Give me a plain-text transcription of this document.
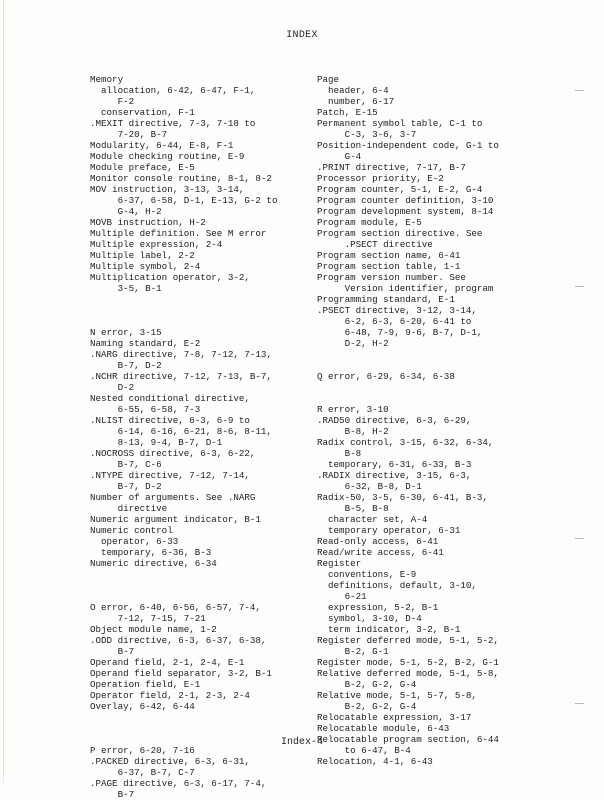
INDEX
Memory
allocation, 6-42, 6-47, F-1,
F-2
conservation, F-1
.MEXIT directive, 7-3, 7-18 to
7-20, B-7
Modularity, 6-44, E-8, F-1
Module checking routine, E-9
Module preface, E-5
Monitor console routine, 8-1, 8-2
MOV instruction, 3-13, 3-14,
6-37, 6-58, D-1, E-13, G-2 to
G-4, H-2
MOVB instruction, H-2
Multiple definition. See M error
Multiple expression, 2-4
Multiple label, 2-2
Multiple symbol, 2-4
Multiplication operator, 3-2,
3-5, B-1

N error, 3-15
Naming standard, E-2
.NARG directive, 7-8, 7-12, 7-13,
B-7, D-2
.NCHR directive, 7-12, 7-13, B-7,
D-2
Nested conditional directive,
6-55, 6-58, 7-3
.NLIST directive, 6-3, 6-9 to
6-14, 6-16, 6-21, 8-6, 8-11,
8-13, 9-4, B-7, D-1
.NOCROSS directive, 6-3, 6-22,
B-7, C-6
.NTYPE directive, 7-12, 7-14,
B-7, D-2
Number of arguments. See .NARG
directive
Numeric argument indicator, B-1
Numeric control
operator, 6-33
temporary, 6-36, B-3
Numeric directive, 6-34

O error, 6-40, 6-56, 6-57, 7-4,
7-12, 7-15, 7-21
Object module name, 1-2
.ODD directive, 6-3, 6-37, 6-38,
B-7
Operand field, 2-1, 2-4, E-1
Operand field separator, 3-2, B-1
Operation field, E-1
Operator field, 2-1, 2-3, 2-4
Overlay, 6-42, 6-44

P error, 6-20, 7-16
.PACKED directive, 6-3, 6-31,
6-37, B-7, C-7
.PAGE directive, 6-3, 6-17, 7-4,
B-7
Page
header, 6-4
number, 6-17
Patch, E-15
Permanent symbol table, C-1 to
C-3, 3-6, 3-7
Position-independent code, G-1 to
G-4
.PRINT directive, 7-17, B-7
Processor priority, E-2
Program counter, 5-1, E-2, G-4
Program counter definition, 3-10
Program development system, 8-14
Program module, E-5
Program section directive. See
.PSECT directive
Program section name, 6-41
Program section table, 1-1
Program version number. See
Version identifier, program
Programming standard, E-1
.PSECT directive, 3-12, 3-14,
6-2, 6-3, 6-20, 6-41 to
6-48, 7-9, 9-6, B-7, D-1,
D-2, H-2

Q error, 6-29, 6-34, 6-38

R error, 3-10
.RAD50 directive, 6-3, 6-29,
B-8, H-2
Radix control, 3-15, 6-32, 6-34,
B-8
temporary, 6-31, 6-33, B-3
.RADIX directive, 3-15, 6-3,
6-32, B-8, D-1
Radix-50, 3-5, 6-30, 6-41, B-3,
B-5, B-8
character set, A-4
temporary operator, 6-31
Read-only access, 6-41
Read/write access, 6-41
Register
conventions, E-9
definitions, default, 3-10,
6-21
expression, 5-2, B-1
symbol, 3-10, D-4
term indicator, 3-2, B-1
Register deferred mode, 5-1, 5-2,
B-2, G-1
Register mode, 5-1, 5-2, B-2, G-1
Relative deferred mode, 5-1, 5-8,
B-2, G-2, G-4
Relative mode, 5-1, 5-7, 5-8,
B-2, G-2, G-4
Relocatable expression, 3-17
Relocatable module, 6-43
Relocatable program section, 6-44
to 6-47, B-4
Relocation, 4-1, 6-43
Index-4
